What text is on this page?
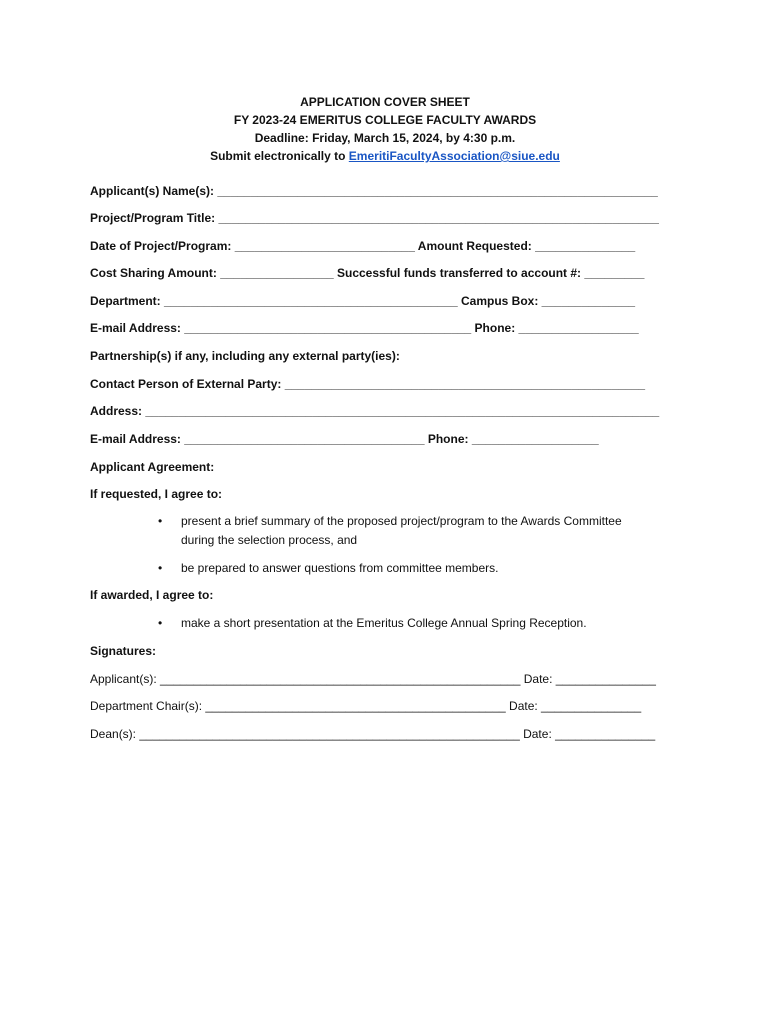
APPLICATION COVER SHEET
FY 2023-24 EMERITUS COLLEGE FACULTY AWARDS
Deadline: Friday, March 15, 2024, by 4:30 p.m.
Submit electronically to EmeritiFacultyAssociation@siue.edu
Applicant(s) Name(s): __________________________________________________________________
Project/Program Title: __________________________________________________________________
Date of Project/Program: ___________________________ Amount Requested: _______________
Cost Sharing Amount: _________________ Successful funds transferred to account #: _________
Department: ____________________________________________ Campus Box: ______________
E-mail Address: ___________________________________________ Phone: __________________
Partnership(s) if any, including any external party(ies):
Contact Person of External Party: ______________________________________________________
Address: _____________________________________________________________________________
E-mail Address: ____________________________________ Phone: ___________________
Applicant Agreement:
If requested, I agree to:
• present a brief summary of the proposed project/program to the Awards Committee
during the selection process, and
• be prepared to answer questions from committee members.
If awarded, I agree to:
• make a short presentation at the Emeritus College Annual Spring Reception.
Signatures:
Applicant(s): ______________________________________________________ Date: _______________
Department Chair(s): _____________________________________________ Date: _______________
Dean(s): _________________________________________________________ Date: _______________
